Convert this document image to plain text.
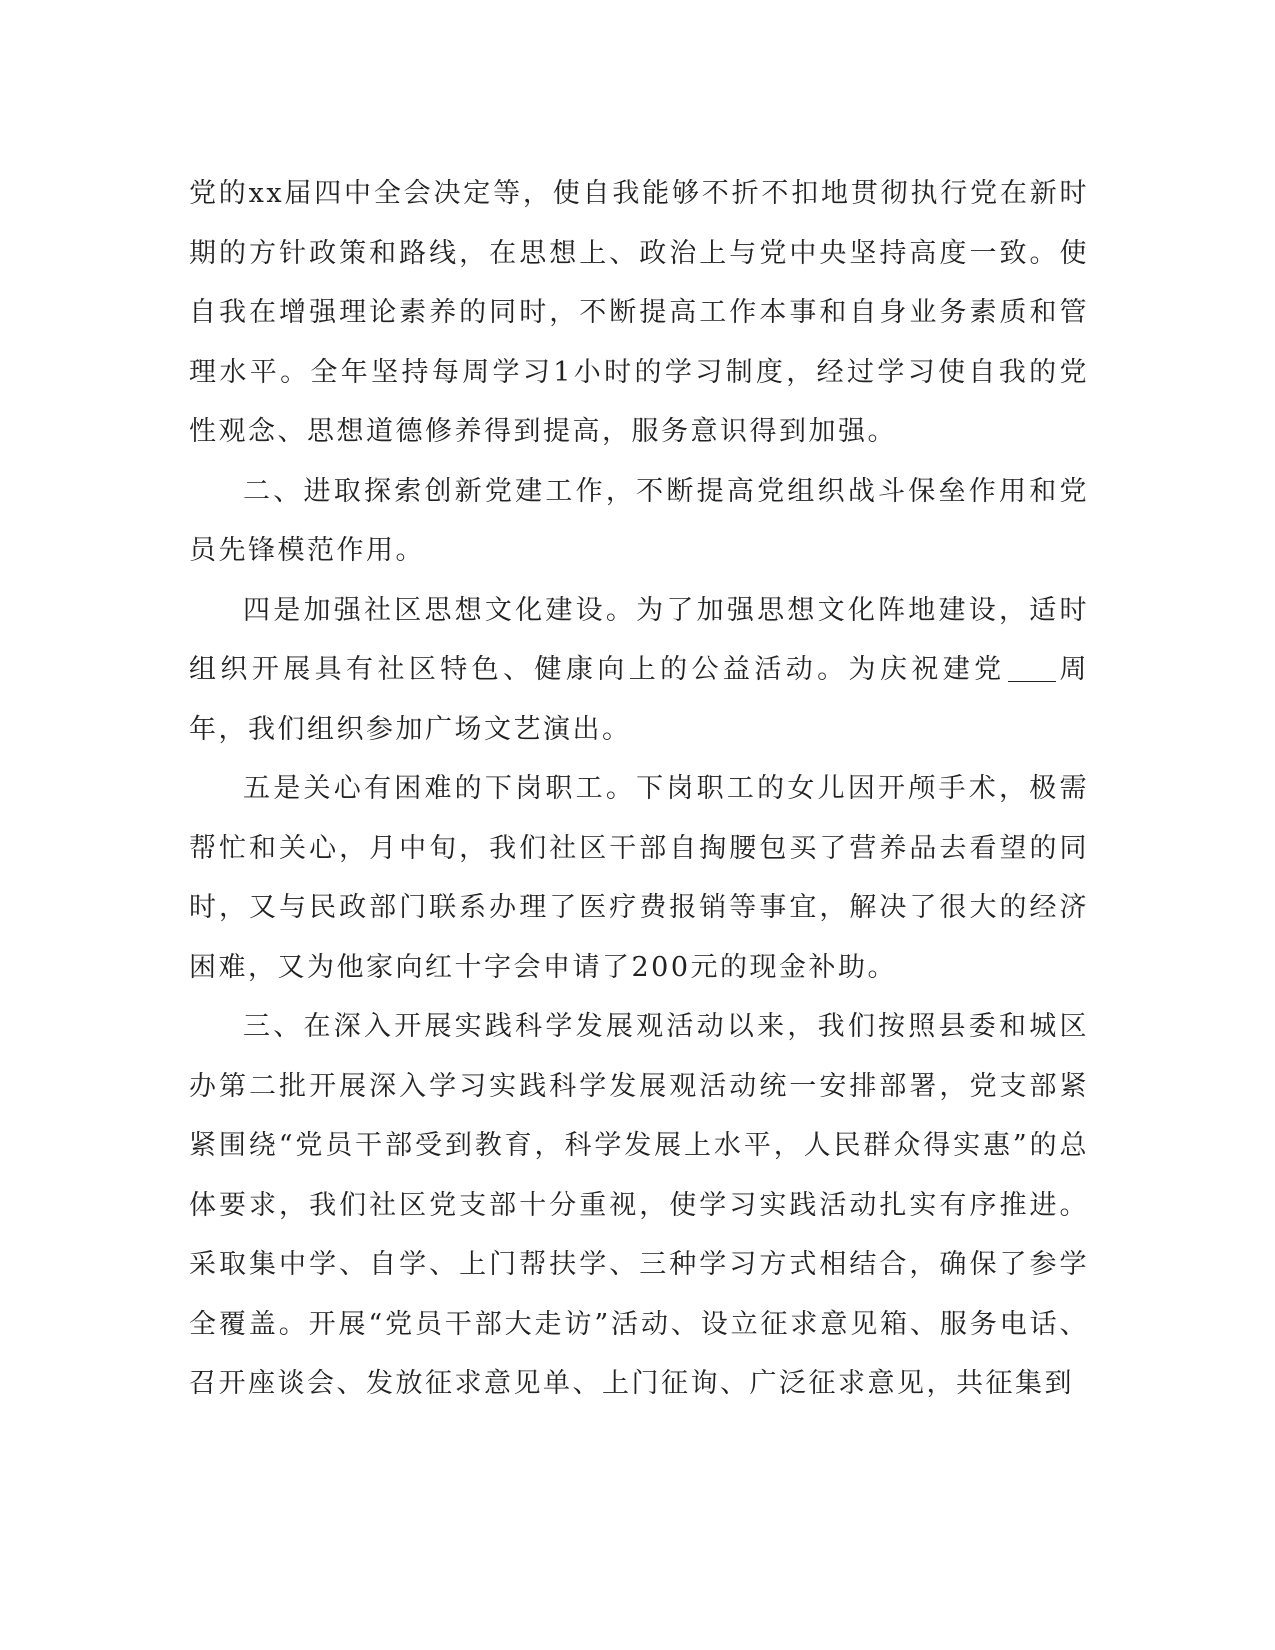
党的xx届四中全会决定等，使自我能够不折不扣地贯彻执行党在新时期的方针政策和路线，在思想上、政治上与党中央坚持高度一致。使自我在增强理论素养的同时，不断提高工作本事和自身业务素质和管理水平。全年坚持每周学习1小时的学习制度，经过学习使自我的党性观念、思想道德修养得到提高，服务意识得到加强。

二、进取探索创新党建工作，不断提高党组织战斗保垒作用和党员先锋模范作用。

四是加强社区思想文化建设。为了加强思想文化阵地建设，适时组织开展具有社区特色、健康向上的公益活动。为庆祝建党 周年，我们组织参加广场文艺演出。

五是关心有困难的下岗职工。下岗职工的女儿因开颅手术，极需帮忙和关心，月中旬，我们社区干部自掏腰包买了营养品去看望的同时，又与民政部门联系办理了医疗费报销等事宜，解决了很大的经济困难，又为他家向红十字会申请了200元的现金补助。

三、在深入开展实践科学发展观活动以来，我们按照县委和城区办第二批开展深入学习实践科学发展观活动统一安排部署，党支部紧紧围绕“党员干部受到教育，科学发展上水平，人民群众得实惠”的总体要求，我们社区党支部十分重视，使学习实践活动扎实有序推进。采取集中学、自学、上门帮扶学、三种学习方式相结合，确保了参学全覆盖。开展“党员干部大走访”活动、设立征求意见箱、服务电话、召开座谈会、发放征求意见单、上门征询、广泛征求意见，共征集到
